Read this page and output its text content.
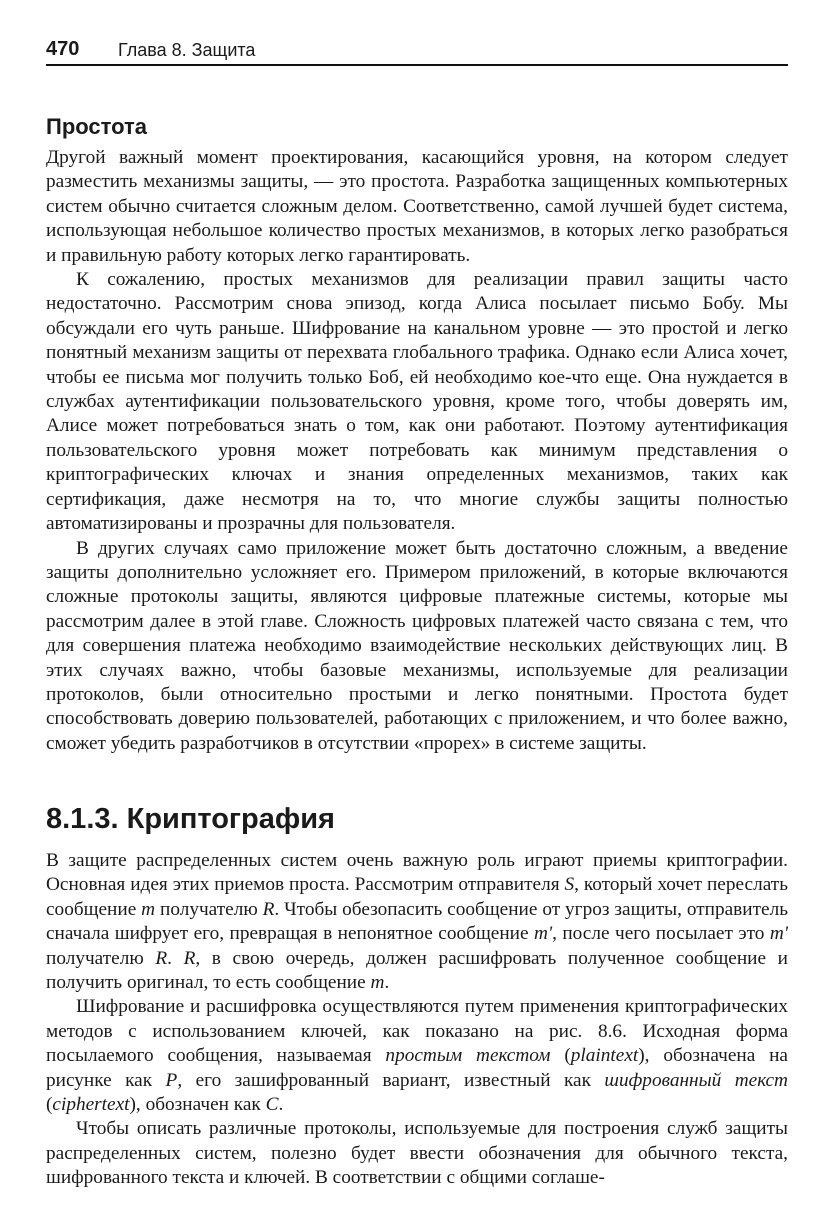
470 Глава 8. Защита
Простота

Другой важный момент проектирования, касающийся уровня, на котором следует разместить механизмы защиты, — это простота. Разработка защищенных компьютерных систем обычно считается сложным делом. Соответственно, самой лучшей будет система, использующая небольшое количество простых механизмов, в которых легко разобраться и правильную работу которых легко гарантировать.

К сожалению, простых механизмов для реализации правил защиты часто недостаточно. Рассмотрим снова эпизод, когда Алиса посылает письмо Бобу. Мы обсуждали его чуть раньше. Шифрование на канальном уровне — это простой и легко понятный механизм защиты от перехвата глобального трафика. Однако если Алиса хочет, чтобы ее письма мог получить только Боб, ей необходимо кое-что еще. Она нуждается в службах аутентификации пользовательского уровня, кроме того, чтобы доверять им, Алисе может потребоваться знать о том, как они работают. Поэтому аутентификация пользовательского уровня может потребовать как минимум представления о криптографических ключах и знания определенных механизмов, таких как сертификация, даже несмотря на то, что многие службы защиты полностью автоматизированы и прозрачны для пользователя.

В других случаях само приложение может быть достаточно сложным, а введение защиты дополнительно усложняет его. Примером приложений, в которые включаются сложные протоколы защиты, являются цифровые платежные системы, которые мы рассмотрим далее в этой главе. Сложность цифровых платежей часто связана с тем, что для совершения платежа необходимо взаимодействие нескольких действующих лиц. В этих случаях важно, чтобы базовые механизмы, используемые для реализации протоколов, были относительно простыми и легко понятными. Простота будет способствовать доверию пользователей, работающих с приложением, и что более важно, сможет убедить разработчиков в отсутствии «прорех» в системе защиты.

8.1.3. Криптография

В защите распределенных систем очень важную роль играют приемы криптографии. Основная идея этих приемов проста. Рассмотрим отправителя S, который хочет переслать сообщение m получателю R. Чтобы обезопасить сообщение от угроз защиты, отправитель сначала шифрует его, превращая в непонятное сообщение m', после чего посылает это m' получателю R. R, в свою очередь, должен расшифровать полученное сообщение и получить оригинал, то есть сообщение m.

Шифрование и расшифровка осуществляются путем применения криптографических методов с использованием ключей, как показано на рис. 8.6. Исходная форма посылаемого сообщения, называемая простым текстом (plaintext), обозначена на рисунке как P, его зашифрованный вариант, известный как шифрованный текст (ciphertext), обозначен как C.

Чтобы описать различные протоколы, используемые для построения служб защиты распределенных систем, полезно будет ввести обозначения для обычного текста, шифрованного текста и ключей. В соответствии с общими соглаше-
